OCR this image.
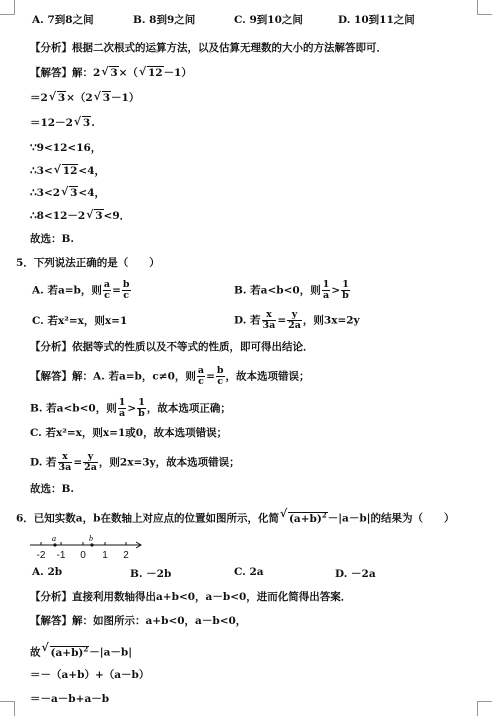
A. 7到8之间	B. 8到9之间	C. 9到10之间	D. 10到11之间
【分析】根据二次根式的运算方法，以及估算无理数的大小的方法解答即可．
【解答】解：2 √ 3×（ √ 12－1）
＝2 √ 3×（2 √ 3－1）
＝12－2 √ 3.
∵9<12<16，
∴3< √ 12<4，
∴3<2 √ 3<4，
∴8<12－2 √ 3<9．
故选：B.
5．下列说法正确的是（　　）
A. 若a=b，则 $\frac{a}{c} = \frac{b}{c}$	B. 若a<b<0，则 $\frac{1}{a} > \frac{1}{b}$
C. 若x²=x，则x=1	D. 若 $\frac{x}{3a} = \frac{y}{2a}$ ，则3x=2y
【分析】依据等式的性质以及不等式的性质，即可得出结论．
【解答】解：A. 若a=b，c≠0，则 $\frac{a}{c} = \frac{b}{c}$ ，故本选项错误；
B. 若a<b<0，则 $\frac{1}{a} > \frac{1}{b}$ ，故本选项正确；
C. 若x²=x，则x=1或0，故本选项错误；
D. 若 $\frac{x}{3a} = \frac{y}{2a}$ ，则2x=3y，故本选项错误；
故选：B.
6．已知实数a，b在数轴上对应点的位置如图所示，化简 √ $(a+b)^2-|a-b|$的结果为（　　）
a	b
-2 -1 0 1 2
A. 2b	B. －2b	C. 2a	D. －2a
【分析】直接利用数轴得出a+b<0，a－b<0，进而化简得出答案．
【解答】解：如图所示：a+b<0，a－b<0，
故 √ $(a+b)^2-|a-b|$
＝－（a+b）+（a－b）
＝－a－b+a－b
